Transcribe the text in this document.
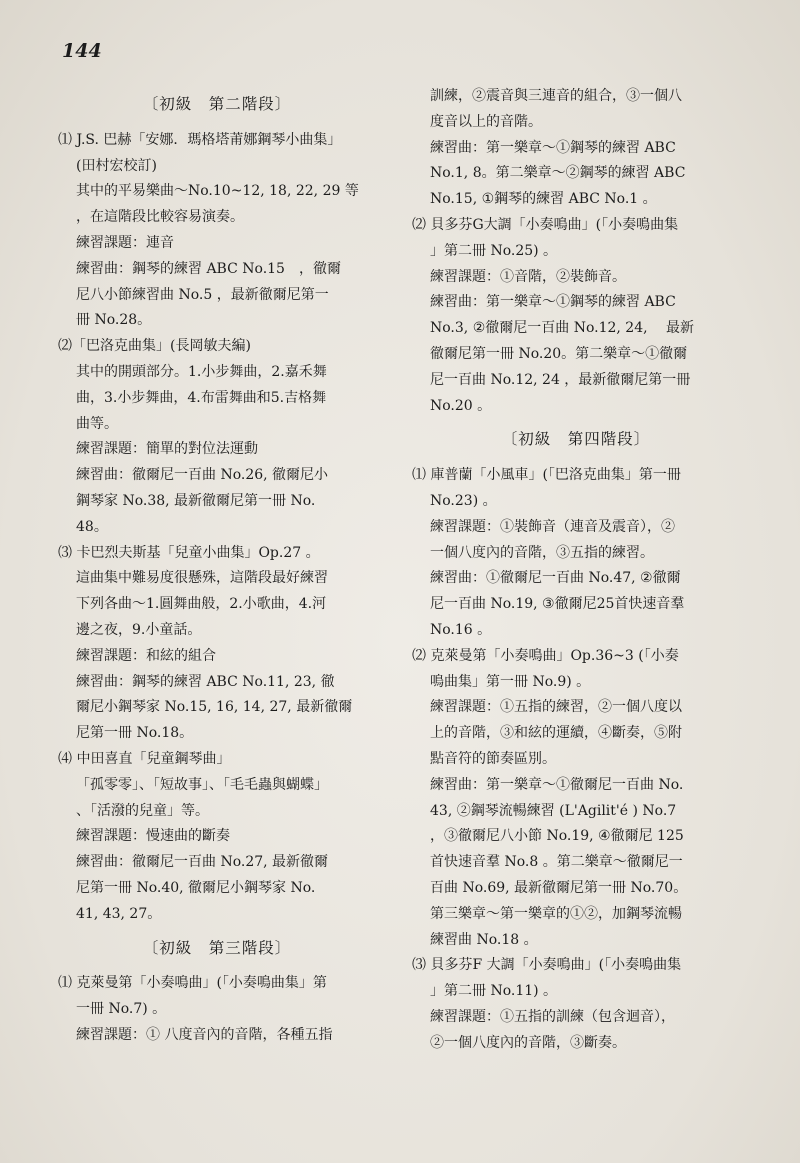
144
〔初級　第二階段〕
⑴ J.S. 巴赫「安娜．瑪格塔莆娜鋼琴小曲集」
(田村宏校訂)
其中的平易樂曲～No.10~12, 18, 22, 29 等
，在這階段比較容易演奏。
練習課題：連音
練習曲：鋼琴的練習 ABC No.15　，徹爾
尼八小節練習曲 No.5 ，最新徹爾尼第一
冊 No.28。
⑵「巴洛克曲集」(長岡敏夫編)
其中的開頭部分。1.小步舞曲，2.嘉禾舞
曲，3.小步舞曲，4.布雷舞曲和5.吉格舞
曲等。
練習課題：簡單的對位法運動
練習曲：徹爾尼一百曲 No.26, 徹爾尼小
鋼琴家 No.38, 最新徹爾尼第一冊 No.
48。
⑶ 卡巴烈夫斯基「兒童小曲集」Op.27 。
這曲集中難易度很懸殊，這階段最好練習
下列各曲～1.圓舞曲般，2.小歌曲，4.河
邊之夜，9.小童話。
練習課題：和絃的組合
練習曲：鋼琴的練習 ABC No.11, 23, 徹
爾尼小鋼琴家 No.15, 16, 14, 27, 最新徹爾
尼第一冊 No.18。
⑷ 中田喜直「兒童鋼琴曲」
「孤零零」、「短故事」、「毛毛蟲與蝴蝶」
、「活潑的兒童」等。
練習課題：慢速曲的斷奏
練習曲：徹爾尼一百曲 No.27, 最新徹爾
尼第一冊 No.40, 徹爾尼小鋼琴家 No.
41, 43, 27。
〔初級　第三階段〕
⑴ 克萊曼第「小奏鳴曲」(「小奏鳴曲集」第
一冊 No.7) 。
練習課題：① 八度音內的音階，各種五指
訓練，②震音與三連音的組合，③一個八
度音以上的音階。
練習曲：第一樂章～①鋼琴的練習 ABC
No.1, 8。第二樂章～②鋼琴的練習 ABC
No.15, ①鋼琴的練習 ABC No.1 。
⑵ 貝多芬G大調「小奏鳴曲」(「小奏鳴曲集
」第二冊 No.25) 。
練習課題：①音階，②裝飾音。
練習曲：第一樂章～①鋼琴的練習 ABC
No.3, ②徹爾尼一百曲 No.12, 24, 　最新
徹爾尼第一冊 No.20。第二樂章～①徹爾
尼一百曲 No.12, 24 ，最新徹爾尼第一冊
No.20 。
〔初級　第四階段〕
⑴ 庫普蘭「小風車」(「巴洛克曲集」第一冊
No.23) 。
練習課題：①裝飾音（連音及震音），②
一個八度內的音階，③五指的練習。
練習曲：①徹爾尼一百曲 No.47, ②徹爾
尼一百曲 No.19, ③徹爾尼25首快速音羣
No.16 。
⑵ 克萊曼第「小奏鳴曲」Op.36~3 (「小奏
鳴曲集」第一冊 No.9) 。
練習課題：①五指的練習，②一個八度以
上的音階，③和絃的運續，④斷奏，⑤附
點音符的節奏區別。
練習曲：第一樂章～①徹爾尼一百曲 No.
43, ②鋼琴流暢練習 (L'Agilit'é ) No.7
，③徹爾尼八小節 No.19, ④徹爾尼 125
首快速音羣 No.8 。第二樂章～徹爾尼一
百曲 No.69, 最新徹爾尼第一冊 No.70。
第三樂章～第一樂章的①②，加鋼琴流暢
練習曲 No.18 。
⑶ 貝多芬F 大調「小奏鳴曲」(「小奏鳴曲集
」第二冊 No.11) 。
練習課題：①五指的訓練（包含迴音），
②一個八度內的音階，③斷奏。
